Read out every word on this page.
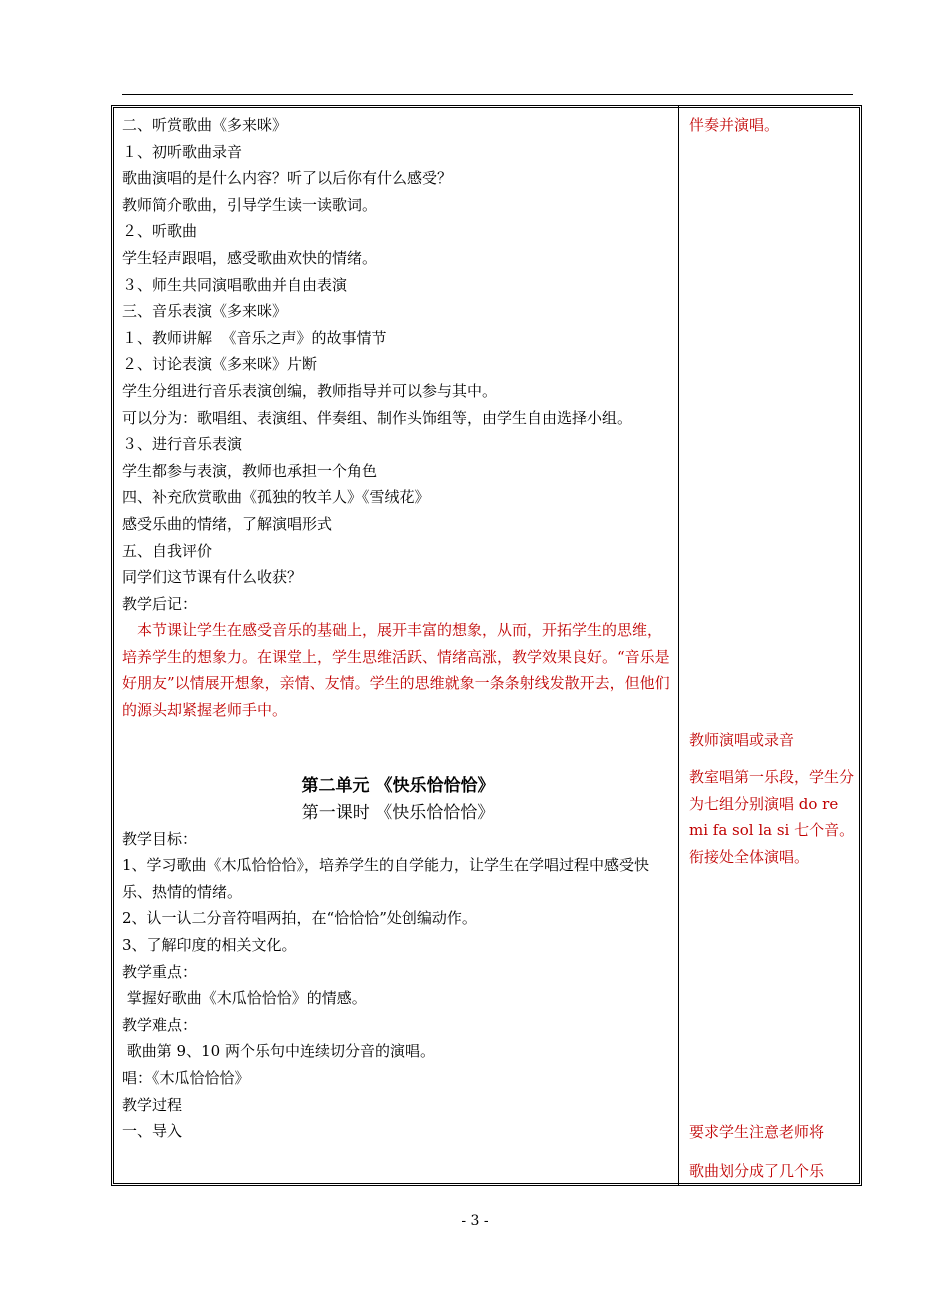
二、听赏歌曲《多来咪》
１、初听歌曲录音
歌曲演唱的是什么内容？听了以后你有什么感受？
教师简介歌曲，引导学生读一读歌词。
２、听歌曲
学生轻声跟唱，感受歌曲欢快的情绪。
３、师生共同演唱歌曲并自由表演
三、音乐表演《多来咪》
１、教师讲解  《音乐之声》的故事情节
２、讨论表演《多来咪》片断
学生分组进行音乐表演创编，教师指导并可以参与其中。
可以分为：歌唱组、表演组、伴奏组、制作头饰组等，由学生自由选择小组。
３、进行音乐表演
学生都参与表演，教师也承担一个角色
四、补充欣赏歌曲《孤独的牧羊人》《雪绒花》
感受乐曲的情绪，了解演唱形式
五、自我评价
同学们这节课有什么收获？
教学后记：
本节课让学生在感受音乐的基础上，展开丰富的想象，从而，开拓学生的思维，培养学生的想象力。在课堂上，学生思维活跃、情绪高涨，教学效果良好。“音乐是好朋友”以情展开想象，亲情、友情。学生的思维就象一条条射线发散开去，但他们的源头却紧握老师手中。
第二单元 《快乐恰恰恰》
第一课时 《快乐恰恰恰》
教学目标：
1、学习歌曲《木瓜恰恰恰》，培养学生的自学能力，让学生在学唱过程中感受快乐、热情的情绪。
2、认一认二分音符唱两拍，在“恰恰恰”处创编动作。
3、了解印度的相关文化。
教学重点：
掌握好歌曲《木瓜恰恰恰》的情感。
教学难点：
歌曲第 9、10 两个乐句中连续切分音的演唱。
唱：《木瓜恰恰恰》
教学过程
一、导入
伴奏并演唱。
教师演唱或录音
教室唱第一乐段，学生分为七组分别演唱 do re mi fa sol la si 七个音。衔接处全体演唱。
要求学生注意老师将
歌曲划分成了几个乐
- 3 -
